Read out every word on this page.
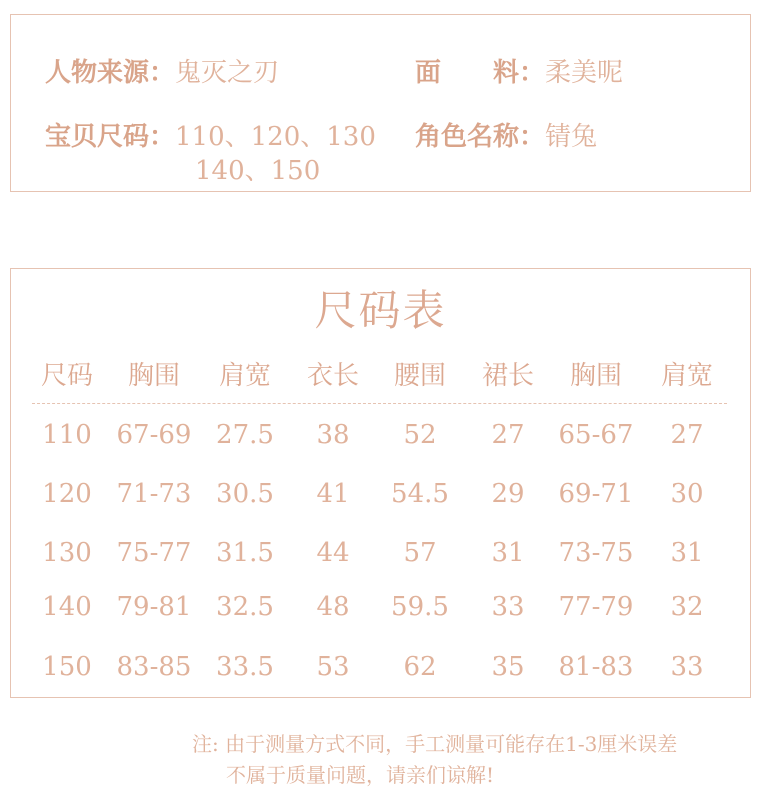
人物来源：鬼灭之刃	面　　料：柔美呢
宝贝尺码：110、120、130
140、150
角色名称：锖兔
尺码表
尺码	胸围	肩宽	衣长	腰围	裙长	胸围	肩宽
110 67-69 27.5	38	52	27	65-67	27
120 71-73 30.5	41	54.5	29	69-71	30
130 75-77 31.5	44	57	31	73-75	31
140 79-81 32.5	48	59.5	33	77-79	32
150 83-85 33.5	53	62	35	81-83	33
注: 由于测量方式不同，手工测量可能存在1-3厘米误差
不属于质量问题，请亲们谅解!
